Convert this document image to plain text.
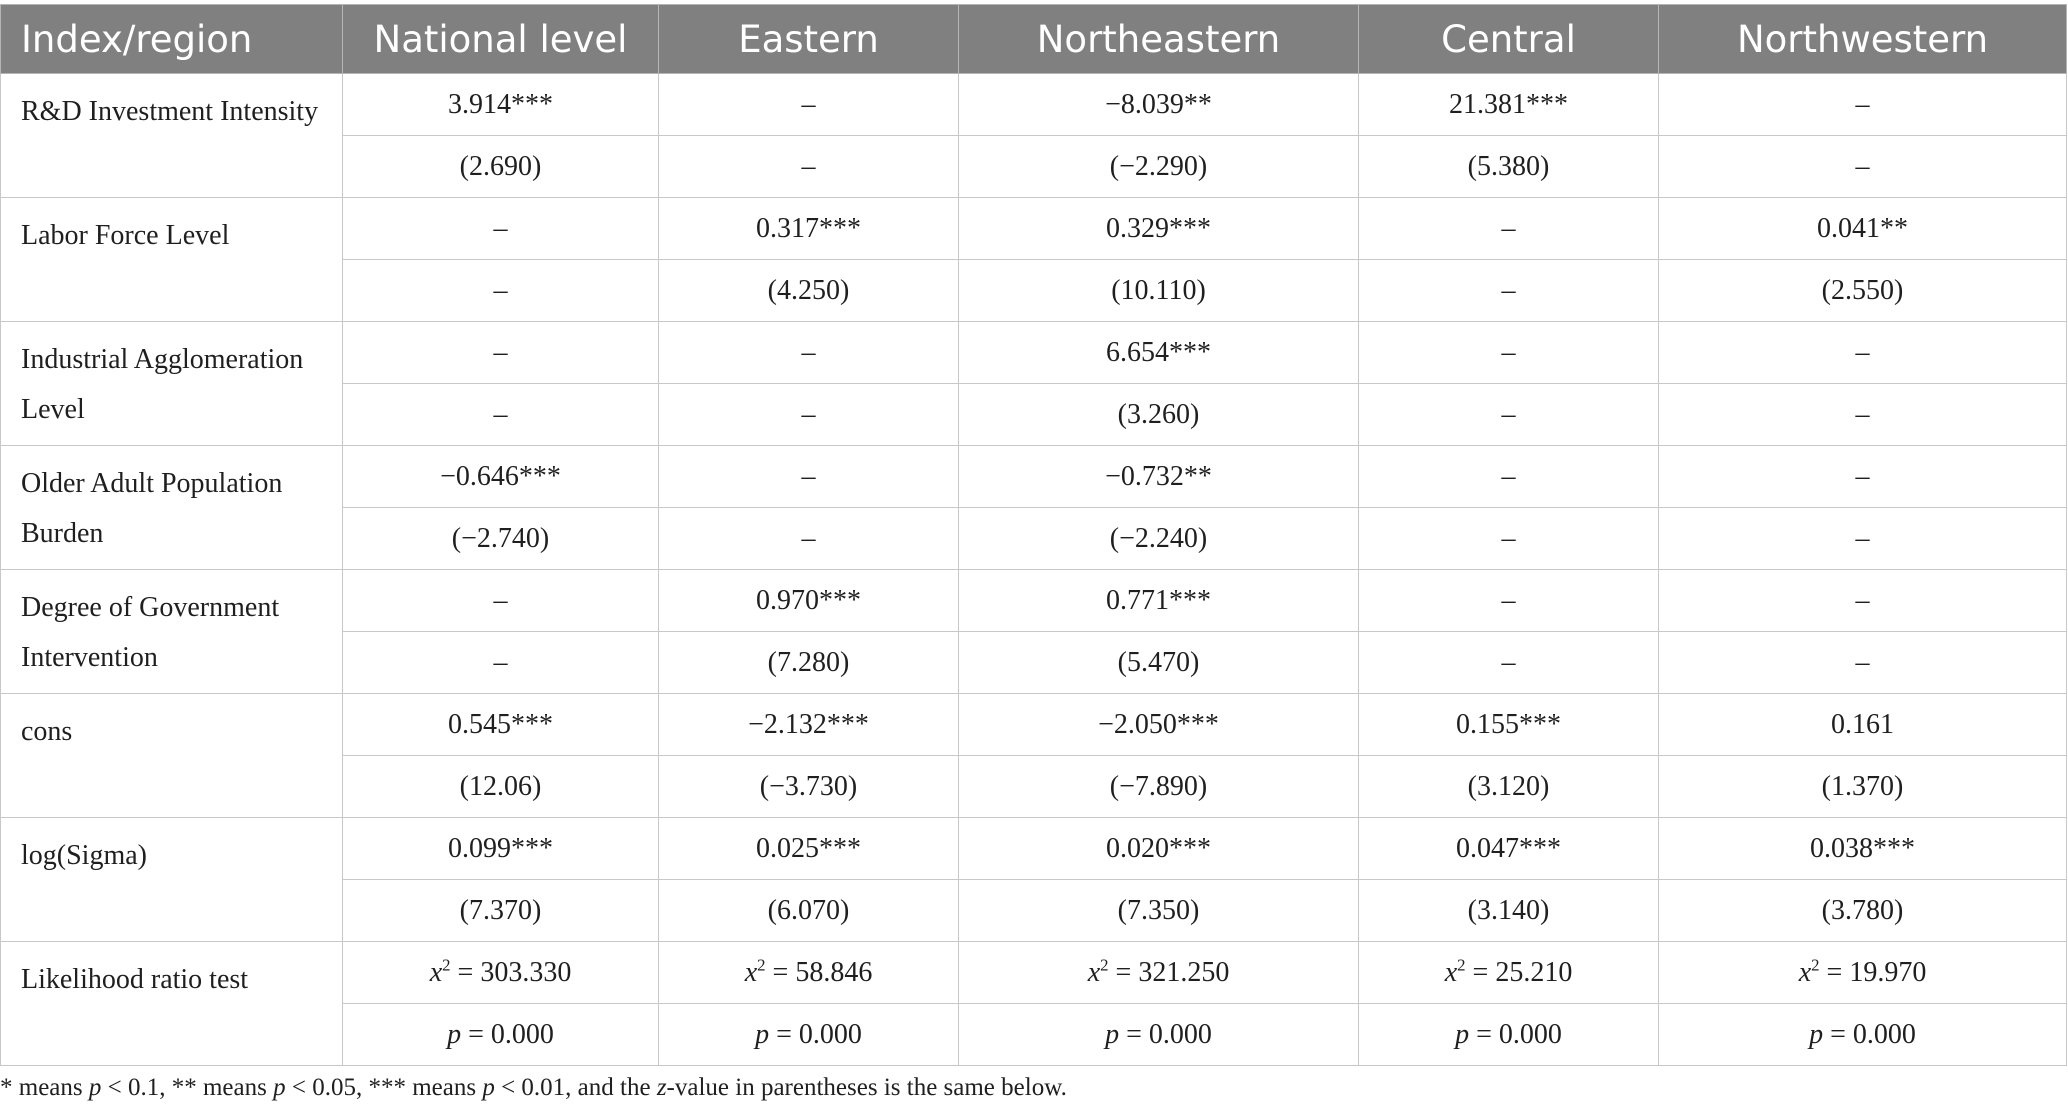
Index/region	National level	Eastern	Northeastern	Central	Northwestern
R&D Investment Intensity	3.914***	–	−8.039**	21.381***	–
	(2.690)	–	(−2.290)	(5.380)	–
Labor Force Level	–	0.317***	0.329***	–	0.041**
	–	(4.250)	(10.110)	–	(2.550)
Industrial Agglomeration Level	–	–	6.654***	–	–
	–	–	(3.260)	–	–
Older Adult Population Burden	−0.646***	–	−0.732**	–	–
	(−2.740)	–	(−2.240)	–	–
Degree of Government Intervention	–	0.970***	0.771***	–	–
	–	(7.280)	(5.470)	–	–
cons	0.545***	−2.132***	−2.050***	0.155***	0.161
	(12.06)	(−3.730)	(−7.890)	(3.120)	(1.370)
log(Sigma)	0.099***	0.025***	0.020***	0.047***	0.038***
	(7.370)	(6.070)	(7.350)	(3.140)	(3.780)
Likelihood ratio test	$x^2 = 303.330$	$x^2 = 58.846$	$x^2 = 321.250$	$x^2 = 25.210$	$x^2 = 19.970$
	p = 0.000	p = 0.000	p = 0.000	p = 0.000	p = 0.000
* means p < 0.1, ** means p < 0.05, *** means p < 0.01, and the z-value in parentheses is the same below.
